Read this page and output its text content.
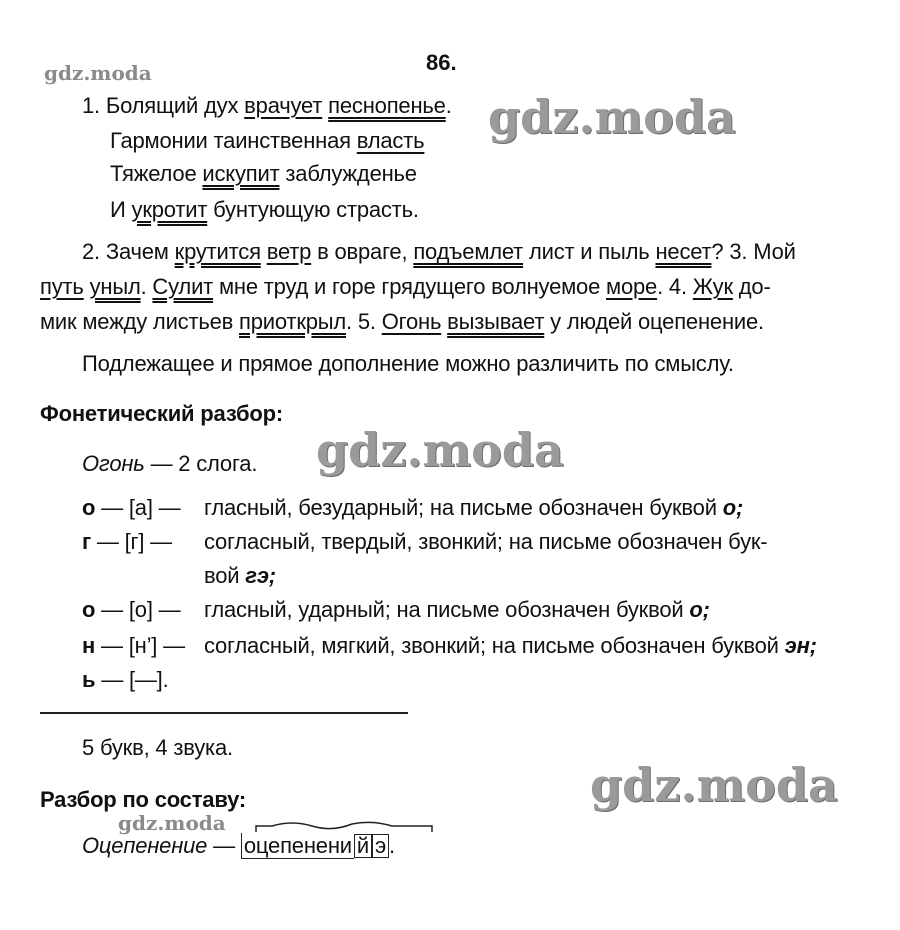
86.
gdz.moda
gdz.moda
gdz.moda
gdz.moda
gdz.moda
1. Болящий дух врачует песнопенье.
Гармонии таинственная власть
Тяжелое искупит заблужденье
И укротит бунтующую страсть.
2. Зачем крутится ветр в овраге, подъемлет лист и пыль несет? 3. Мой
путь уныл. Сулит мне труд и горе грядущего волнуемое море. 4. Жук до-
мик между листьев приоткрыл. 5. Огонь вызывает у людей оцепенение.
Подлежащее и прямое дополнение можно различить по смыслу.
Фонетический разбор:
Огонь — 2 слога.
о — [а] — гласный, безударный; на письме обозначен буквой о;
г — [г] — согласный, твердый, звонкий; на письме обозначен бук-
вой гэ;
о — [о] — гласный, ударный; на письме обозначен буквой о;
н — [н’] — согласный, мягкий, звонкий; на письме обозначен буквой эн;
ь — [—].
5 букв, 4 звука.
Разбор по составу:
Оцепенение — оцепенени й э .
